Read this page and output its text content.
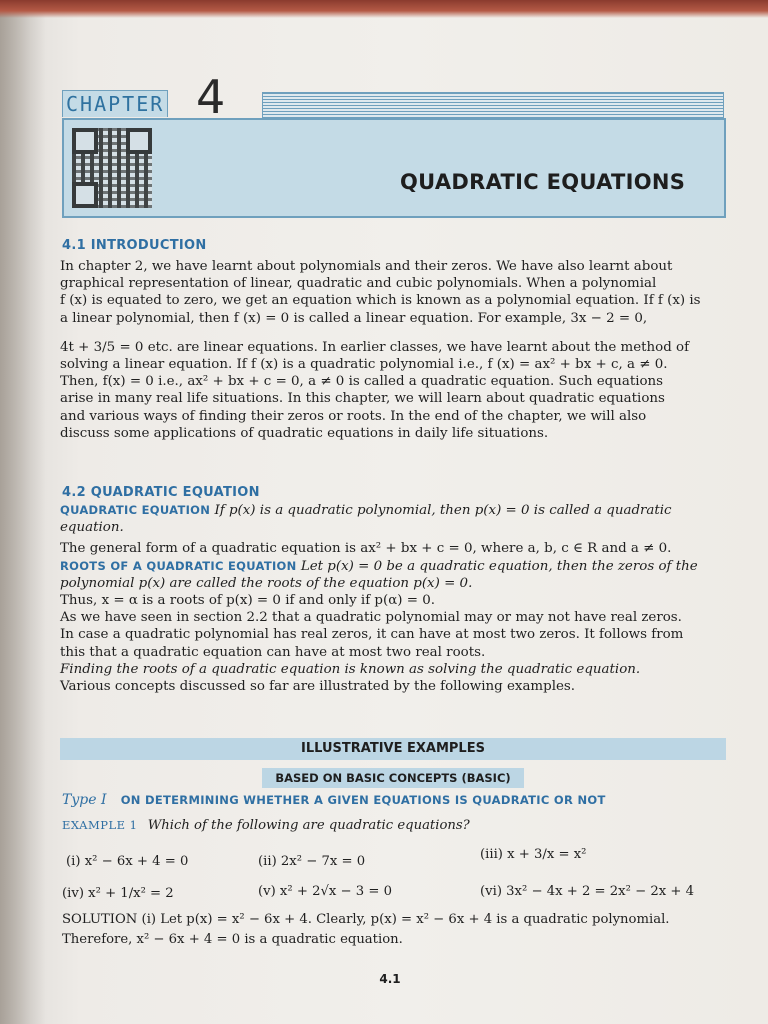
CHAPTER 4
QUADRATIC EQUATIONS
4.1 INTRODUCTION
In chapter 2, we have learnt about polynomials and their zeros. We have also learnt about
graphical representation of linear, quadratic and cubic polynomials. When a polynomial
f (x) is equated to zero, we get an equation which is known as a polynomial equation. If f (x) is
a linear polynomial, then f (x) = 0 is called a linear equation. For example, 3x − 2 = 0,
4t + 3/5 = 0 etc. are linear equations. In earlier classes, we have learnt about the method of
solving a linear equation. If f (x) is a quadratic polynomial i.e., f (x) = ax² + bx + c, a ≠ 0.
Then, f(x) = 0 i.e., ax² + bx + c = 0, a ≠ 0 is called a quadratic equation. Such equations
arise in many real life situations. In this chapter, we will learn about quadratic equations
and various ways of finding their zeros or roots. In the end of the chapter, we will also
discuss some applications of quadratic equations in daily life situations.
4.2 QUADRATIC EQUATION
QUADRATIC EQUATION If p(x) is a quadratic polynomial, then p(x) = 0 is called a quadratic
equation.
The general form of a quadratic equation is ax² + bx + c = 0, where a, b, c ∈ R and a ≠ 0.
ROOTS OF A QUADRATIC EQUATION Let p(x) = 0 be a quadratic equation, then the zeros of the
polynomial p(x) are called the roots of the equation p(x) = 0.
Thus, x = α is a roots of p(x) = 0 if and only if p(α) = 0.
As we have seen in section 2.2 that a quadratic polynomial may or may not have real zeros.
In case a quadratic polynomial has real zeros, it can have at most two zeros. It follows from
this that a quadratic equation can have at most two real roots.
Finding the roots of a quadratic equation is known as solving the quadratic equation.
Various concepts discussed so far are illustrated by the following examples.
ILLUSTRATIVE EXAMPLES
BASED ON BASIC CONCEPTS (BASIC)
Type I ON DETERMINING WHETHER A GIVEN EQUATIONS IS QUADRATIC OR NOT
EXAMPLE 1 Which of the following are quadratic equations?
(i) x² − 6x + 4 = 0	(ii) 2x² − 7x = 0	(iii) x + 3/x = x²
(iv) x² + 1/x² = 2	(v) x² + 2√x − 3 = 0	(vi) 3x² − 4x + 2 = 2x² − 2x + 4
SOLUTION (i) Let p(x) = x² − 6x + 4. Clearly, p(x) = x² − 6x + 4 is a quadratic polynomial.
Therefore, x² − 6x + 4 = 0 is a quadratic equation.
4.1
